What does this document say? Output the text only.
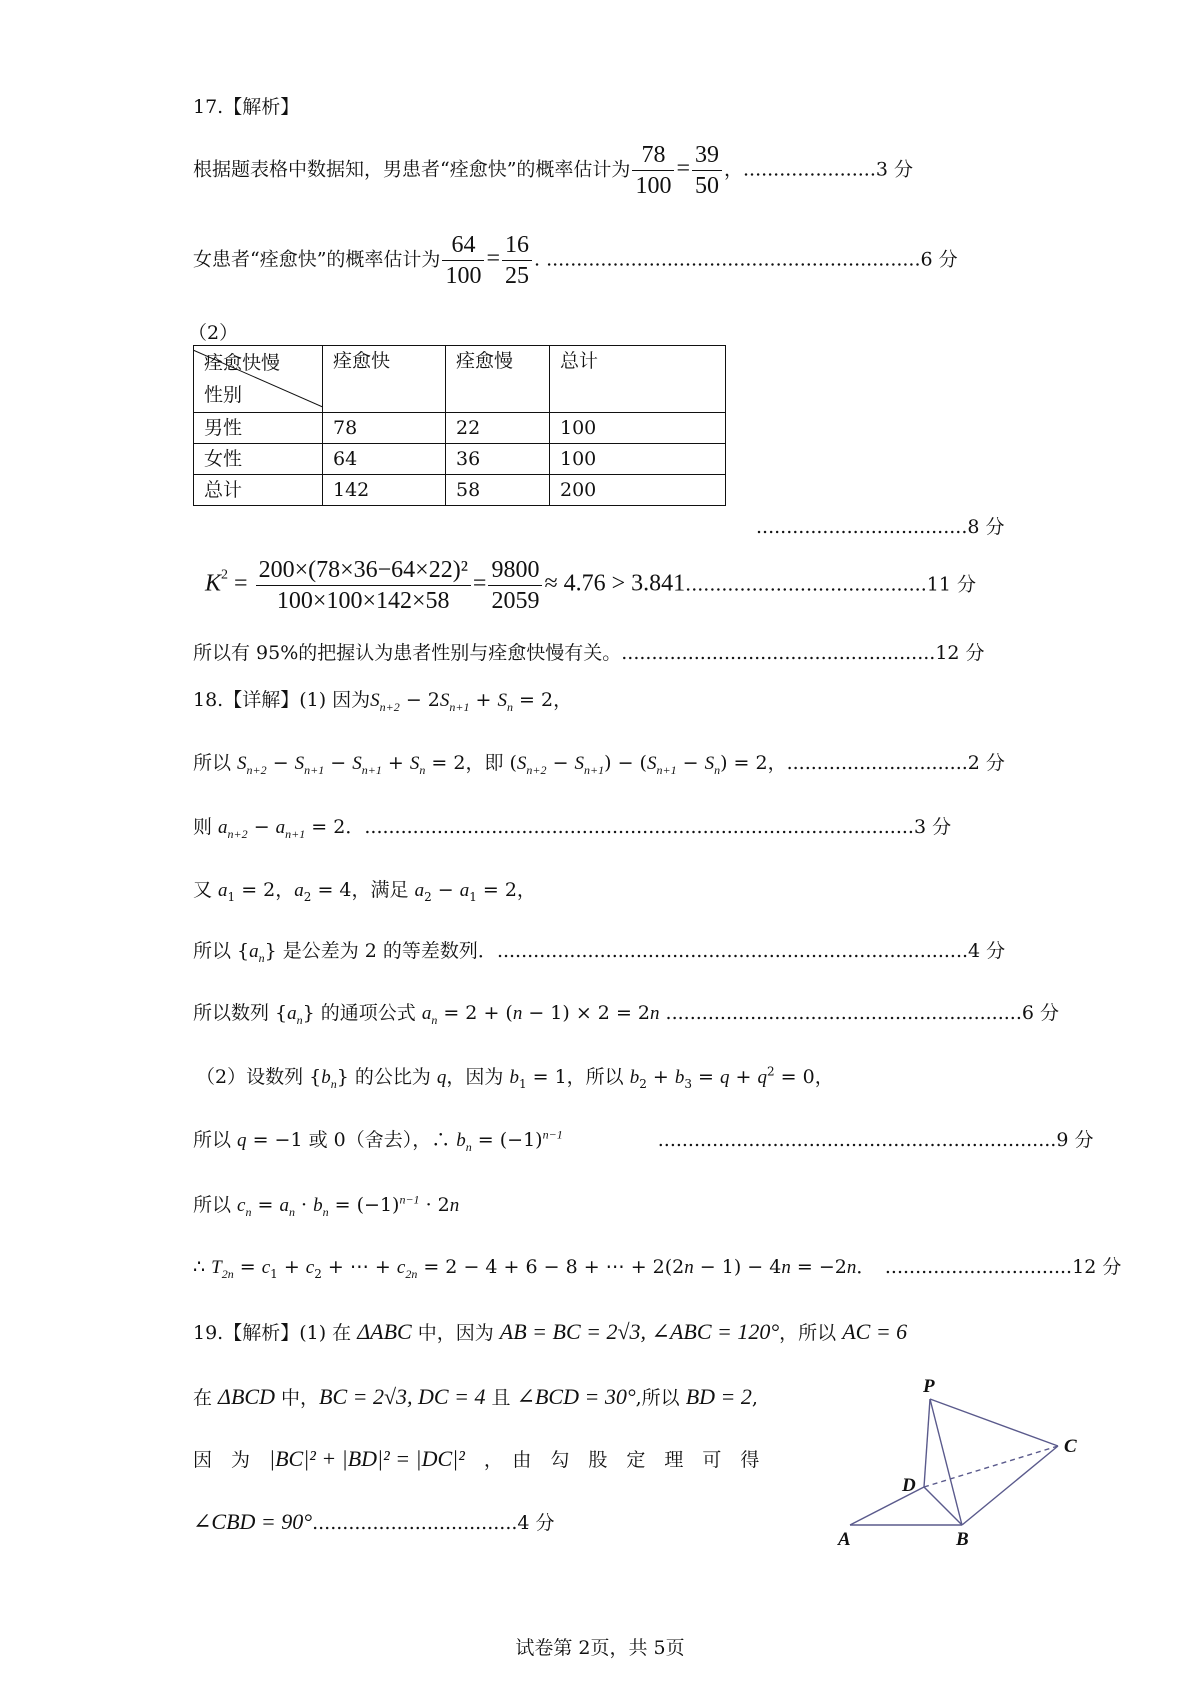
17.【解析】
根据题表格中数据知，男患者“痊愈快”的概率估计为 $\frac{78}{100} = \frac{39}{50}$ ，......................3 分
女患者“痊愈快”的概率估计为 $\frac{64}{100} = \frac{16}{25}$ . ..............................................................6 分
（2）
痊愈快慢
性别	痊愈快	痊愈慢	总计
男性	78	22	100
女性	64	36	100
总计	142	58	200
...................................8 分
$K^2 = \frac{\text{200×(78×36−64×22)²}}{100\times 100\times 142\times 58} = \frac{9800}{2059} \approx 4.76 > 3.841........................................11$ 分
所以有 95%的把握认为患者性别与痊愈快慢有关。....................................................12 分
18.【详解】(1) 因为$S_{n+2} - 2S_{n+1} + S_n = 2$，
所以 $S_{n+2} - S_{n+1} - S_{n+1} + S_n = 2$，即 $(S_{n+2} - S_{n+1}) - (S_{n+1} - S_n) = 2$，..............................2 分
则 $a_{n+2} - a_{n+1} = 2$．...........................................................................................3 分
又 $a_1 = 2$，$a_2 = 4$，满足 $a_2 - a_1 = 2$，
所以 $\{a_n\}$ 是公差为 2 的等差数列．..............................................................................4 分
所以数列 $\{a_n\}$ 的通项公式 $a_n = 2 + (n - 1) \times 2 = 2n$ ...........................................................6 分
（2）设数列 $\{b_n\}$ 的公比为 q，因为 $b_1 = 1$，所以 $b_2 + b_3 = q + q^2 = 0$，
所以 q = −1 或 0（舍去），∴ $b_n = (-1)^{n-1}$　　　　　	..................................................................9 分
所以 $c_n = a_n \cdot b_n = (-1)^{n-1} \cdot 2n$
∴ $T_{2n} = c_1 + c_2$ + ⋯ + $c_{2n} = 2 - 4 + 6 - 8$ + ⋯ + 2(2n − 1) − 4n = −2n．　...............................12 分
19.【解析】(1) 在 ΔABC 中，因为 AB = BC = 2√3, ∠ABC = 120°，所以 AC = 6
在 ΔBCD 中，BC = 2√3, DC = 4 且 ∠BCD = 30°,所以 BD = 2,
因　为　 |BC|² + |BD|² = |DC|²　 ，　由　勾　股　定　理　可　得
∠CBD = 90°..................................4 分
P
C
D
A	B
试卷第 2页，共 5页
